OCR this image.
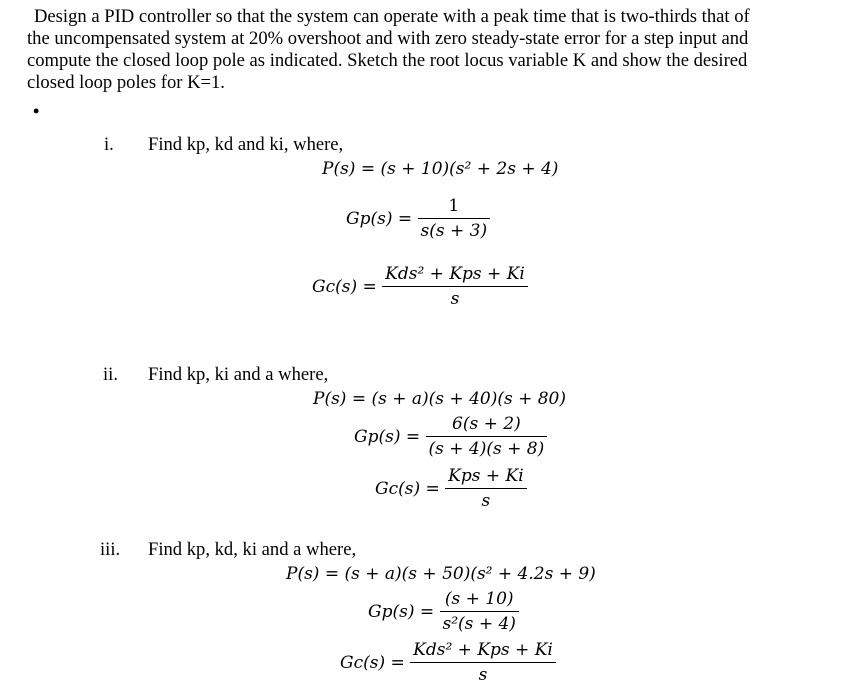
Design a PID controller so that the system can operate with a peak time that is two-thirds that of
the uncompensated system at 20% overshoot and with zero steady-state error for a step input and
compute the closed loop pole as indicated. Sketch the root locus variable K and show the desired
closed loop poles for K=1.
•
i. Find kp, kd and ki, where,
P(s) = (s + 10)(s² + 2s + 4)
$Gp(s) = \frac{1}{s(s + 3)}$
$Gc(s) = \frac{\text{Kds² + Kps + Ki}}{s}$
ii. Find kp, ki and a where,
P(s) = (s + a)(s + 40)(s + 80)
$Gp(s) = \frac{6(s + 2)}{(s + 4)(s + 8)}$
$Gc(s) = \frac{\text{Kps + Ki}}{s}$
iii. Find kp, kd, ki and a where,
P(s) = (s + a)(s + 50)(s² + 4.2s + 9)
$Gp(s) = \frac{(s + 10)}{\text{s²(s + 4)}}$
$Gc(s) = \frac{\text{Kds² + Kps + Ki}}{s}$
